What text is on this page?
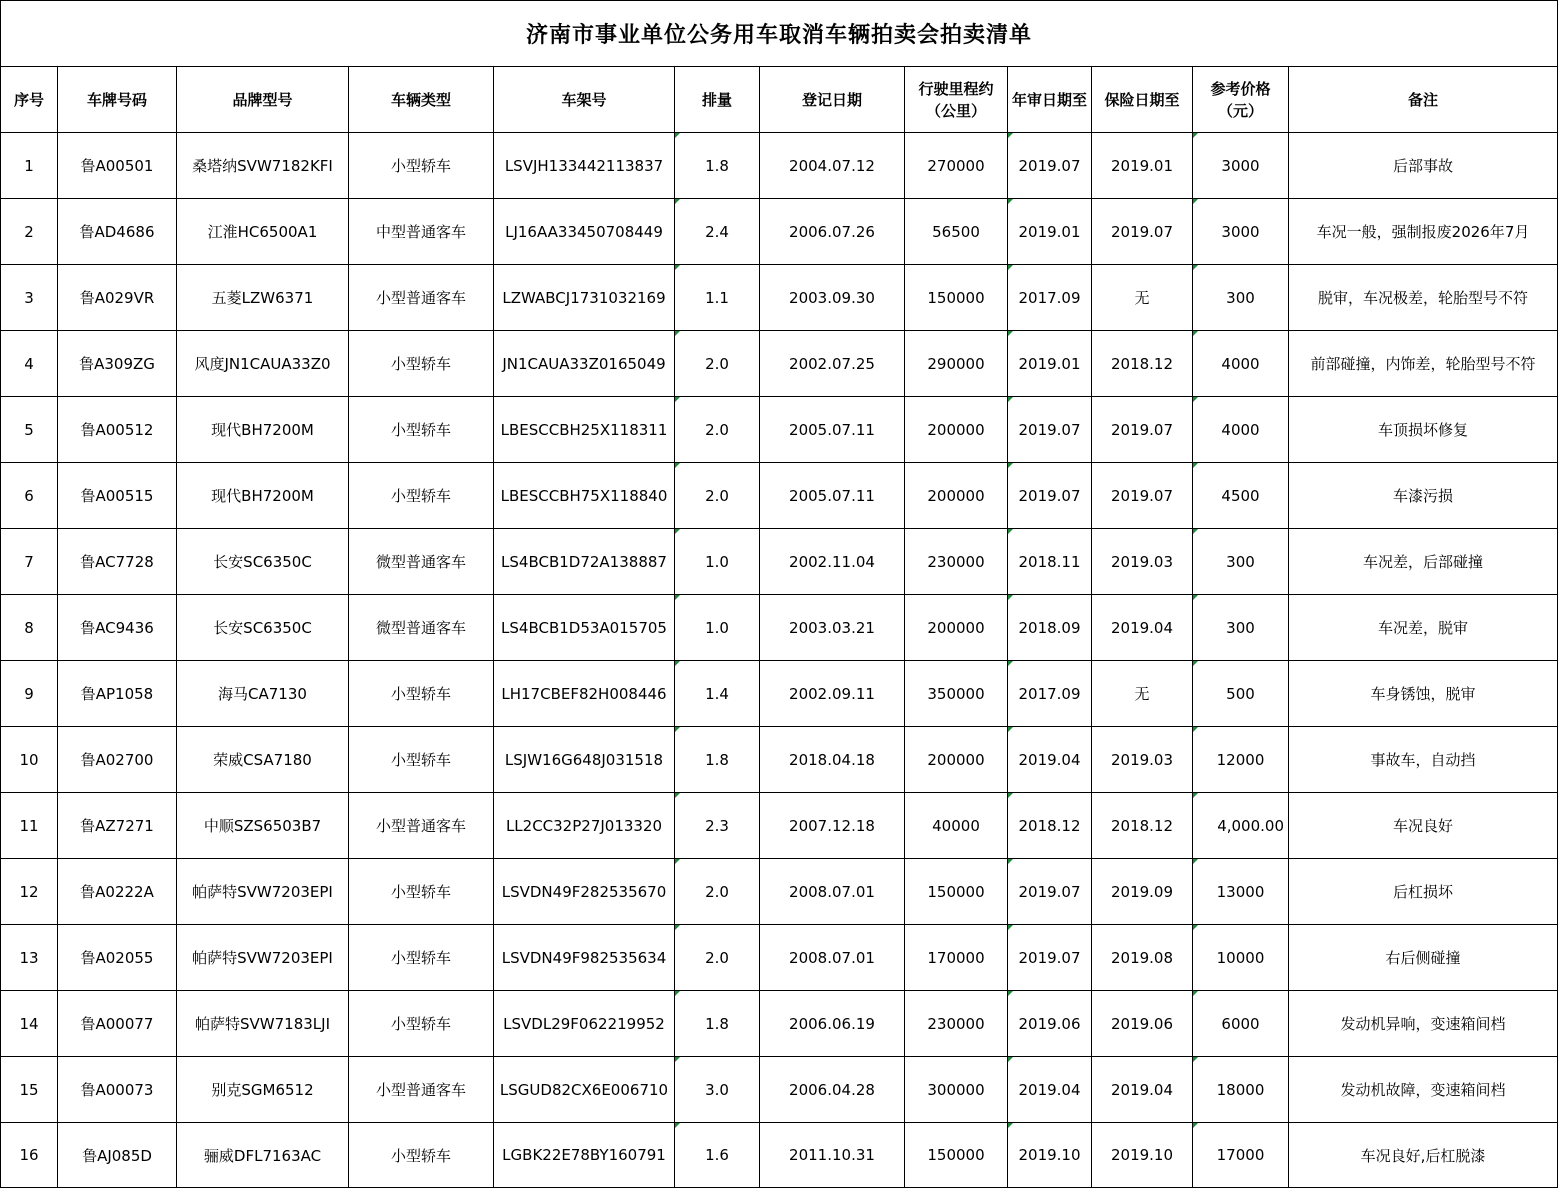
济南市事业单位公务用车取消车辆拍卖会拍卖清单											
序号	车牌号码	品牌型号	车辆类型	车架号	排量	登记日期	行驶里程约（公里）	年审日期至	保险日期至	参考价格（元）	备注
1	鲁A00501	桑塔纳SVW7182KFI	小型轿车	LSVJH133442113837	1.8	2004.07.12	270000	2019.07	2019.01	3000	后部事故
2	鲁AD4686	江淮HC6500A1	中型普通客车	LJ16AA33450708449	2.4	2006.07.26	56500	2019.01	2019.07	3000	车况一般，强制报废2026年7月
3	鲁A029VR	五菱LZW6371	小型普通客车	LZWABCJ1731032169	1.1	2003.09.30	150000	2017.09	无	300	脱审，车况极差，轮胎型号不符
4	鲁A309ZG	风度JN1CAUA33Z0	小型轿车	JN1CAUA33Z0165049	2.0	2002.07.25	290000	2019.01	2018.12	4000	前部碰撞，内饰差，轮胎型号不符
5	鲁A00512	现代BH7200M	小型轿车	LBESCCBH25X118311	2.0	2005.07.11	200000	2019.07	2019.07	4000	车顶损坏修复
6	鲁A00515	现代BH7200M	小型轿车	LBESCCBH75X118840	2.0	2005.07.11	200000	2019.07	2019.07	4500	车漆污损
7	鲁AC7728	长安SC6350C	微型普通客车	LS4BCB1D72A138887	1.0	2002.11.04	230000	2018.11	2019.03	300	车况差，后部碰撞
8	鲁AC9436	长安SC6350C	微型普通客车	LS4BCB1D53A015705	1.0	2003.03.21	200000	2018.09	2019.04	300	车况差，脱审
9	鲁AP1058	海马CA7130	小型轿车	LH17CBEF82H008446	1.4	2002.09.11	350000	2017.09	无	500	车身锈蚀，脱审
10	鲁A02700	荣威CSA7180	小型轿车	LSJW16G648J031518	1.8	2018.04.18	200000	2019.04	2019.03	12000	事故车，自动挡
11	鲁AZ7271	中顺SZS6503B7	小型普通客车	LL2CC32P27J013320	2.3	2007.12.18	40000	2018.12	2018.12	4,000.00	车况良好
12	鲁A0222A	帕萨特SVW7203EPI	小型轿车	LSVDN49F282535670	2.0	2008.07.01	150000	2019.07	2019.09	13000	后杠损坏
13	鲁A02055	帕萨特SVW7203EPI	小型轿车	LSVDN49F982535634	2.0	2008.07.01	170000	2019.07	2019.08	10000	右后侧碰撞
14	鲁A00077	帕萨特SVW7183LJI	小型轿车	LSVDL29F062219952	1.8	2006.06.19	230000	2019.06	2019.06	6000	发动机异响，变速箱间档
15	鲁A00073	别克SGM6512	小型普通客车	LSGUD82CX6E006710	3.0	2006.04.28	300000	2019.04	2019.04	18000	发动机故障，变速箱间档
16	鲁AJ085D	骊威DFL7163AC	小型轿车	LGBK22E78BY160791	1.6	2011.10.31	150000	2019.10	2019.10	17000	车况良好,后杠脱漆
